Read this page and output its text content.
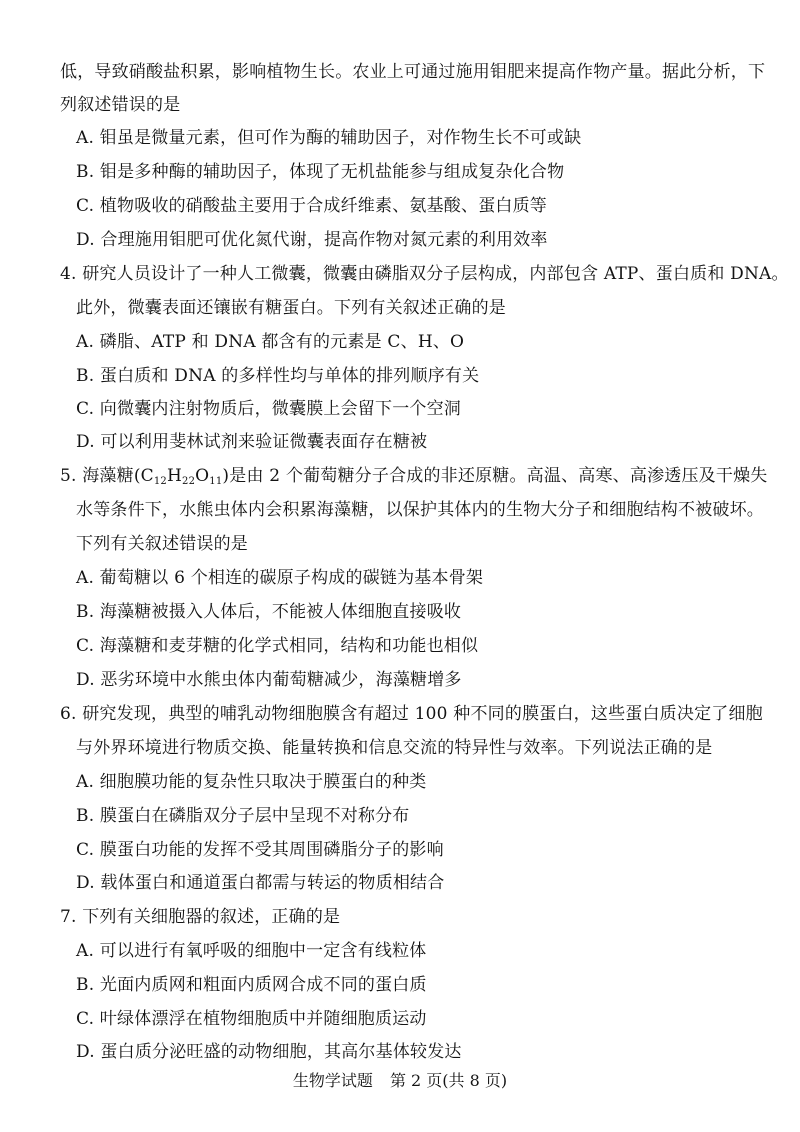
低，导致硝酸盐积累，影响植物生长。农业上可通过施用钼肥来提高作物产量。据此分析，下
列叙述错误的是
A. 钼虽是微量元素，但可作为酶的辅助因子，对作物生长不可或缺
B. 钼是多种酶的辅助因子，体现了无机盐能参与组成复杂化合物
C. 植物吸收的硝酸盐主要用于合成纤维素、氨基酸、蛋白质等
D. 合理施用钼肥可优化氮代谢，提高作物对氮元素的利用效率
4. 研究人员设计了一种人工微囊，微囊由磷脂双分子层构成，内部包含 ATP、蛋白质和 DNA。
此外，微囊表面还镶嵌有糖蛋白。下列有关叙述正确的是
A. 磷脂、ATP 和 DNA 都含有的元素是 C、H、O
B. 蛋白质和 DNA 的多样性均与单体的排列顺序有关
C. 向微囊内注射物质后，微囊膜上会留下一个空洞
D. 可以利用斐林试剂来验证微囊表面存在糖被
5. 海藻糖$(C_{12}H_{22}O_{11})$是由 2 个葡萄糖分子合成的非还原糖。高温、高寒、高渗透压及干燥失
水等条件下，水熊虫体内会积累海藻糖，以保护其体内的生物大分子和细胞结构不被破坏。
下列有关叙述错误的是
A. 葡萄糖以 6 个相连的碳原子构成的碳链为基本骨架
B. 海藻糖被摄入人体后，不能被人体细胞直接吸收
C. 海藻糖和麦芽糖的化学式相同，结构和功能也相似
D. 恶劣环境中水熊虫体内葡萄糖减少，海藻糖增多
6. 研究发现，典型的哺乳动物细胞膜含有超过 100 种不同的膜蛋白，这些蛋白质决定了细胞
与外界环境进行物质交换、能量转换和信息交流的特异性与效率。下列说法正确的是
A. 细胞膜功能的复杂性只取决于膜蛋白的种类
B. 膜蛋白在磷脂双分子层中呈现不对称分布
C. 膜蛋白功能的发挥不受其周围磷脂分子的影响
D. 载体蛋白和通道蛋白都需与转运的物质相结合
7. 下列有关细胞器的叙述，正确的是
A. 可以进行有氧呼吸的细胞中一定含有线粒体
B. 光面内质网和粗面内质网合成不同的蛋白质
C. 叶绿体漂浮在植物细胞质中并随细胞质运动
D. 蛋白质分泌旺盛的动物细胞，其高尔基体较发达
生物学试题 第 2 页(共 8 页)
